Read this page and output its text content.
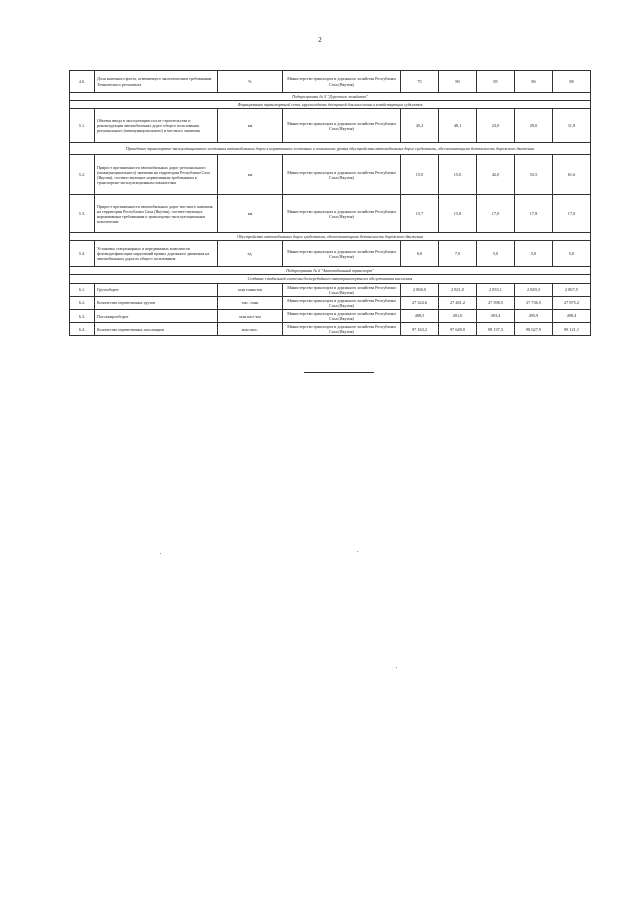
2
4.6.	Доля наземного флота, отвечающего экологическим требованиям Технического регламента	%	Министерство транспорта и дорожного хозяйства Республики Саха (Якутия)	75	80	85	86	88
Подпрограмма № 5 "Дорожное хозяйство"								
Формирование транспортной сети, круглогодично доступной для населения и хозяйствующих субъектов								
5.1.	Объемы ввода в эксплуатацию после строительства и реконструкции автомобильных дорог общего пользования регионального (межмуниципального) и местного значения	км	Министерство транспорта и дорожного хозяйства Республики Саха (Якутия)	45,2	48,1	23,0	29,0	11,9
Приведение транспортно-эксплуатационного состояния автомобильных дорог в нормативное состояние и повышение уровня обустройства автомобильных дорог средствами, обеспечивающими безопасность дорожного движения								
5.2.	Прирост протяженности автомобильных дорог регионального (межмуниципального) значения на территории Республики Саха (Якутия), соответствующих нормативным требованиям к транспортно-эксплуатационным показателям	км	Министерство транспорта и дорожного хозяйства Республики Саха (Якутия)	15,0	15,0	42,0	53,5	61,6
5.3.	Прирост протяженности автомобильных дорог местного значения на территории Республики Саха (Якутия), соответствующих нормативным требованиям к транспортно-эксплуатационным показателям	км	Министерство транспорта и дорожного хозяйства Республики Саха (Якутия)	15,7	15,8	17,0	17,8	17,0
Обустройство автомобильных дорог средствами, обеспечивающими безопасность дорожного движения								
5.4.	Установка стационарных и передвижных комплексов фотовидеофиксации нарушений правил дорожного движения на автомобильных дорогах общего пользования	ед.	Министерство транспорта и дорожного хозяйства Республики Саха (Якутия)	6,0	7,0	5,0	5,0	5,0
Подпрограмма № 6 "Автомобильный транспорт"								
Создание стабильной системы бесперебойного автотранспортного обслуживания населения								
6.1.	Грузооборот	млн тонно-км	Министерство транспорта и дорожного хозяйства Республики Саха (Якутия)	2 806,0	2 821,0	2 835,1	2 849,3	2 867,5
6.2.	Количество перевезенных грузов	тыс. тонн	Министерство транспорта и дорожного хозяйства Республики Саха (Якутия)	27 324,6	27 461,2	27 598,5	27 736,5	27 875,2
6.3.	Пассажирооборот	млн пасс-км	Министерство транспорта и дорожного хозяйства Республики Саха (Якутия)	488,5	491,0	493,4	495,9	498,4
6.4.	Количество перевезенных пассажиров	млн пасс.	Министерство транспорта и дорожного хозяйства Республики Саха (Якутия)	97 163,2	97 649,0	98 137,3	98 627,9	99 121,1
